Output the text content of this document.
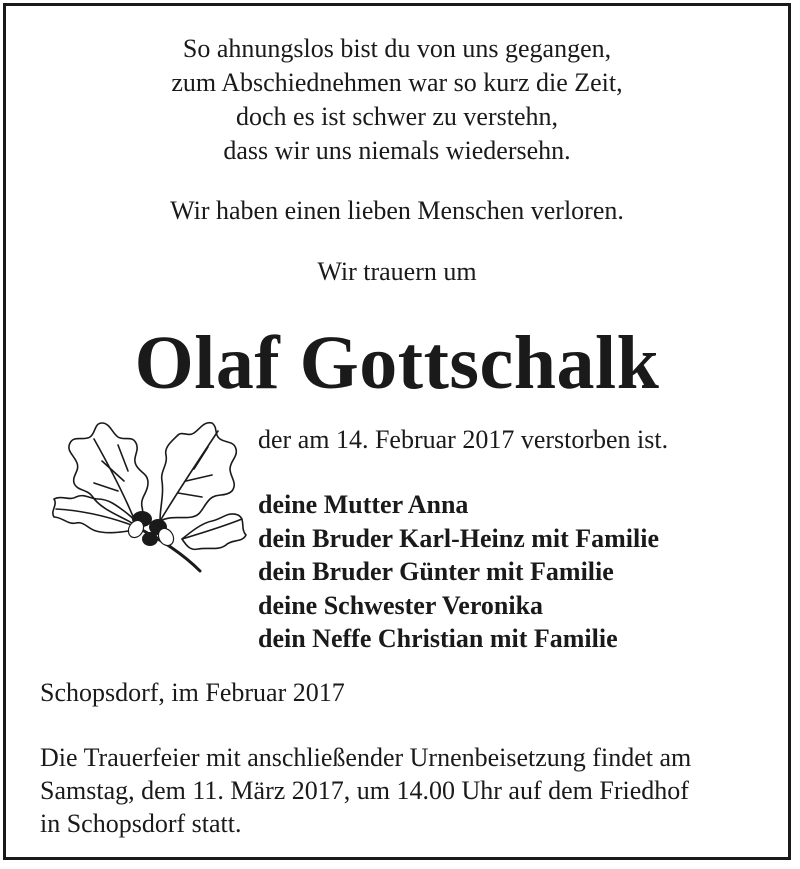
So ahnungslos bist du von uns gegangen,
zum Abschiednehmen war so kurz die Zeit,
doch es ist schwer zu verstehn,
dass wir uns niemals wiedersehn.
Wir haben einen lieben Menschen verloren.
Wir trauern um
Olaf Gottschalk
der am 14. Februar 2017 verstorben ist.
deine Mutter Anna
dein Bruder Karl-Heinz mit Familie
dein Bruder Günter mit Familie
deine Schwester Veronika
dein Neffe Christian mit Familie
Schopsdorf, im Februar 2017
Die Trauerfeier mit anschließender Urnenbeisetzung findet am
Samstag, dem 11. März 2017, um 14.00 Uhr auf dem Friedhof
in Schopsdorf statt.
